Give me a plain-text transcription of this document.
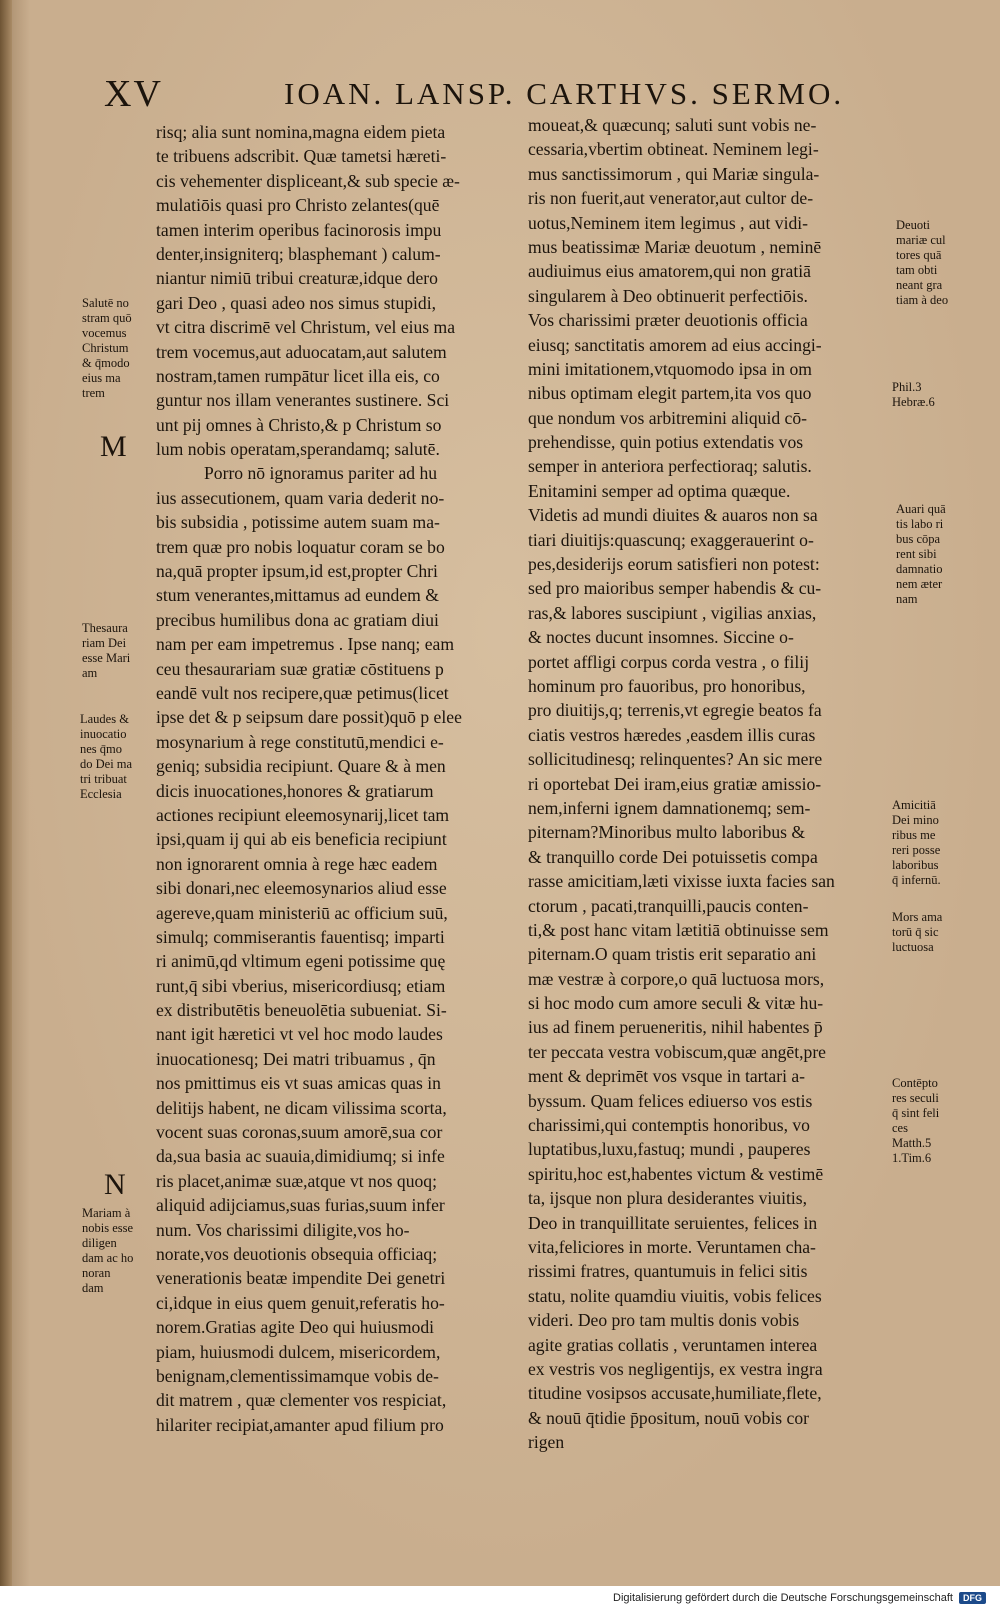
XV	IOAN. LANSP. CARTHVS. SERMO.
risq; alia sunt nomina,magna eidem pieta
te tribuens adscribit. Quæ tametsi hæreti-
cis vehementer displiceant,& sub specie æ-
mulatiōis quasi pro Christo zelantes(quē
tamen interim operibus facinorosis impu
denter,insigniterq; blasphemant ) calum-
niantur nimiū tribui creaturæ,idque dero
gari Deo , quasi adeo nos simus stupidi,
vt citra discrimē vel Christum, vel eius ma
trem vocemus,aut aduocatam,aut salutem
nostram,tamen rumpātur licet illa eis, co
guntur nos illam venerantes sustinere. Sci
unt pij omnes à Christo,& p Christum so
lum nobis operatam,sperandamq; salutē.
Porro nō ignoramus pariter ad hu
ius assecutionem, quam varia dederit no-
bis subsidia , potissime autem suam ma-
trem quæ pro nobis loquatur coram se bo
na,quā propter ipsum,id est,propter Chri
stum venerantes,mittamus ad eundem &
precibus humilibus dona ac gratiam diui
nam per eam impetremus . Ipse nanq; eam
ceu thesaurariam suæ gratiæ cōstituens p
eandē vult nos recipere,quæ petimus(licet
ipse det & p seipsum dare possit)quō p elee
mosynarium à rege constitutū,mendici e-
geniq; subsidia recipiunt. Quare & à men
dicis inuocationes,honores & gratiarum
actiones recipiunt eleemosynarij,licet tam
ipsi,quam ij qui ab eis beneficia recipiunt
non ignorarent omnia à rege hæc eadem
sibi donari,nec eleemosynarios aliud esse
agereve,quam ministeriū ac officium suū,
simulq; commiserantis fauentisq; imparti
ri animū,qd vltimum egeni potissime quę
runt,q̄ sibi vberius, misericordiusq; etiam
ex distributētis beneuolētia subueniat. Si-
nant igit hæretici vt vel hoc modo laudes
inuocationesq; Dei matri tribuamus , q̄n
nos pmittimus eis vt suas amicas quas in
delitijs habent, ne dicam vilissima scorta,
vocent suas coronas,suum amorē,sua cor
da,sua basia ac suauia,dimidiumq; si infe
ris placet,animæ suæ,atque vt nos quoq;
aliquid adijciamus,suas furias,suum infer
num. Vos charissimi diligite,vos ho-
norate,vos deuotionis obsequia officiaq;
venerationis beatæ impendite Dei genetri
ci,idque in eius quem genuit,referatis ho-
norem.Gratias agite Deo qui huiusmodi
piam, huiusmodi dulcem, misericordem,
benignam,clementissimamque vobis de-
dit matrem , quæ clementer vos respiciat,
hilariter recipiat,amanter apud filium pro
moueat,& quæcunq; saluti sunt vobis ne-
cessaria,vbertim obtineat. Neminem legi-
mus sanctissimorum , qui Mariæ singula-
ris non fuerit,aut venerator,aut cultor de-
uotus,Neminem item legimus , aut vidi-
mus beatissimæ Mariæ deuotum , neminē
audiuimus eius amatorem,qui non gratiā
singularem à Deo obtinuerit perfectiōis.
Vos charissimi præter deuotionis officia
eiusq; sanctitatis amorem ad eius accingi-
mini imitationem,vtquomodo ipsa in om
nibus optimam elegit partem,ita vos quo
que nondum vos arbitremini aliquid cō-
prehendisse, quin potius extendatis vos
semper in anteriora perfectioraq; salutis.
Enitamini semper ad optima quæque.
Videtis ad mundi diuites & auaros non sa
tiari diuitijs:quascunq; exaggerauerint o-
pes,desiderijs eorum satisfieri non potest:
sed pro maioribus semper habendis & cu-
ras,& labores suscipiunt , vigilias anxias,
& noctes ducunt insomnes. Siccine o-
portet affligi corpus corda vestra , o filij
hominum pro fauoribus, pro honoribus,
pro diuitijs,q; terrenis,vt egregie beatos fa
ciatis vestros hæredes ,easdem illis curas
sollicitudinesq; relinquentes? An sic mere
ri oportebat Dei iram,eius gratiæ amissio-
nem,inferni ignem damnationemq; sem-
piternam?Minoribus multo laboribus &
& tranquillo corde Dei potuissetis compa
rasse amicitiam,læti vixisse iuxta facies san
ctorum , pacati,tranquilli,paucis conten-
ti,& post hanc vitam lætitiā obtinuisse sem
piternam.O quam tristis erit separatio ani
mæ vestræ à corpore,o quā luctuosa mors,
si hoc modo cum amore seculi & vitæ hu-
ius ad finem perueneritis, nihil habentes p̄
ter peccata vestra vobiscum,quæ angēt,pre
ment & deprimēt vos vsque in tartari a-
byssum. Quam felices ediuerso vos estis
charissimi,qui contemptis honoribus, vo
luptatibus,luxu,fastuq; mundi , pauperes
spiritu,hoc est,habentes victum & vestimē
ta, ijsque non plura desiderantes viuitis,
Deo in tranquillitate seruientes, felices in
vita,feliciores in morte. Veruntamen cha-
rissimi fratres, quantumuis in felici sitis
statu, nolite quamdiu viuitis, vobis felices
videri. Deo pro tam multis donis vobis
agite gratias collatis , veruntamen interea
ex vestris vos negligentijs, ex vestra ingra
titudine vosipsos accusate,humiliate,flete,
& nouū q̄tidie p̄positum, nouū vobis cor
rigen
M
N
Salutē no
stram quō
vocemus
Christum
& q̄modo
eius ma
trem
Thesaura
riam Dei
esse Mari
am
Laudes &
inuocatio
nes q̄mo
do Dei ma
tri tribuat
Ecclesia
Mariam à
nobis esse
diligen
dam ac ho
noran
dam
Deuoti
mariæ cul
tores quā
tam obti
neant gra
tiam à deo
Phil.3
Hebræ.6
Auari quā
tis labo ri
bus cōpa
rent sibi
damnatio
nem æter
nam
Amicitiā
Dei mino
ribus me
reri posse
laboribus
q̄ infernū.
Mors ama
torū q̄ sic
luctuosa
Contēpto
res seculi
q̄ sint feli
ces
Matth.5
1.Tim.6
Digitalisierung gefördert durch die Deutsche Forschungsgemeinschaft DFG
